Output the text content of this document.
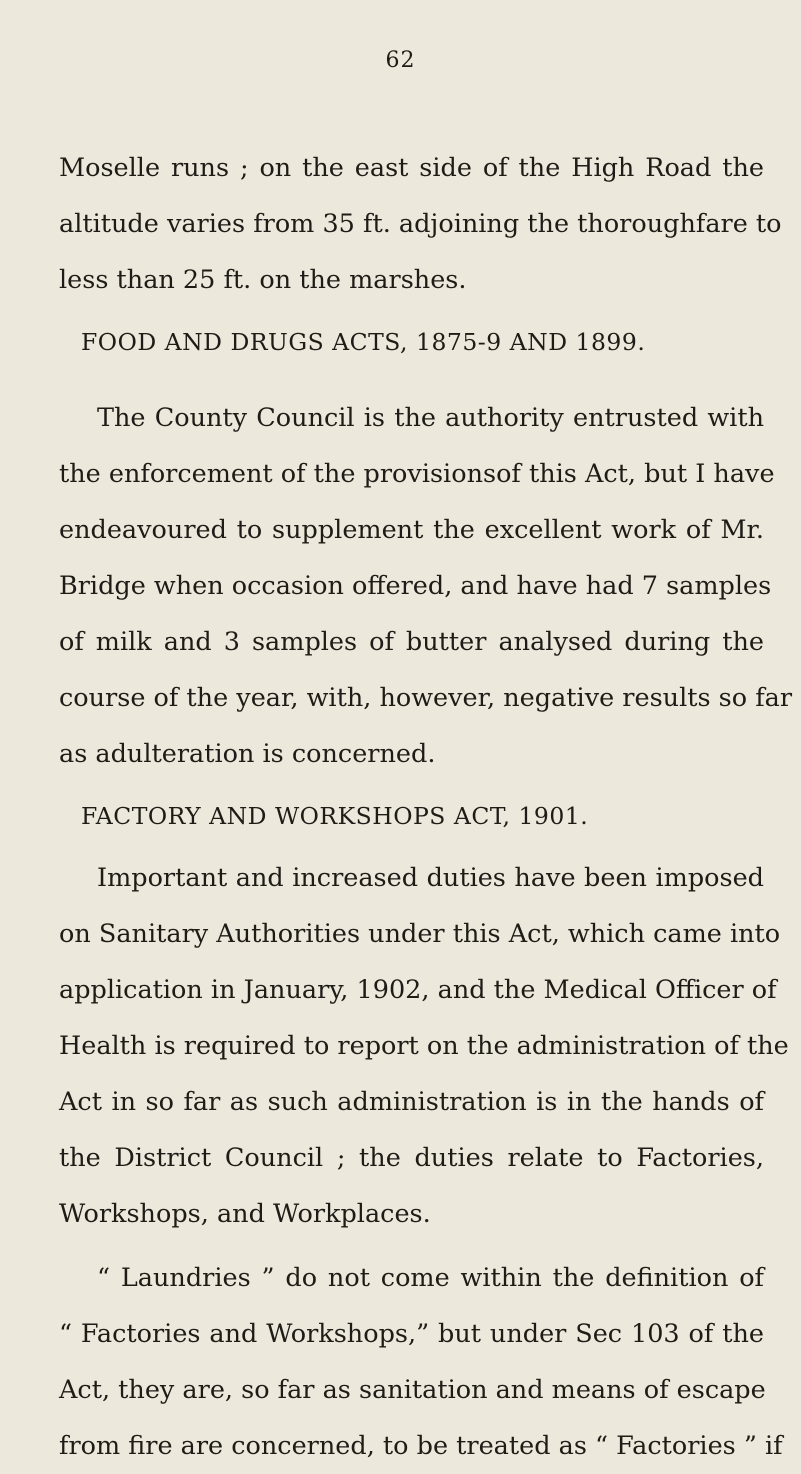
62
Moselle runs ; on the east side of the High Road the
altitude varies from 35 ft. adjoining the thoroughfare to
less than 25 ft. on the marshes.
FOOD AND DRUGS ACTS, 1875-9 AND 1899.
The County Council is the authority entrusted with
the enforcement of the provisionsof this Act, but I have
endeavoured to supplement the excellent work of Mr.
Bridge when occasion offered, and have had 7 samples
of milk and 3 samples of butter analysed during the
course of the year, with, however, negative results so far
as adulteration is concerned.
FACTORY AND WORKSHOPS ACT, 1901.
Important and increased duties have been imposed
on Sanitary Authorities under this Act, which came into
application in January, 1902, and the Medical Officer of
Health is required to report on the administration of the
Act in so far as such administration is in the hands of
the District Council ; the duties relate to Factories,
Workshops, and Workplaces.
“ Laundries ” do not come within the definition of
“ Factories and Workshops,” but under Sec 103 of the
Act, they are, so far as sanitation and means of escape
from fire are concerned, to be treated as “ Factories ” if
